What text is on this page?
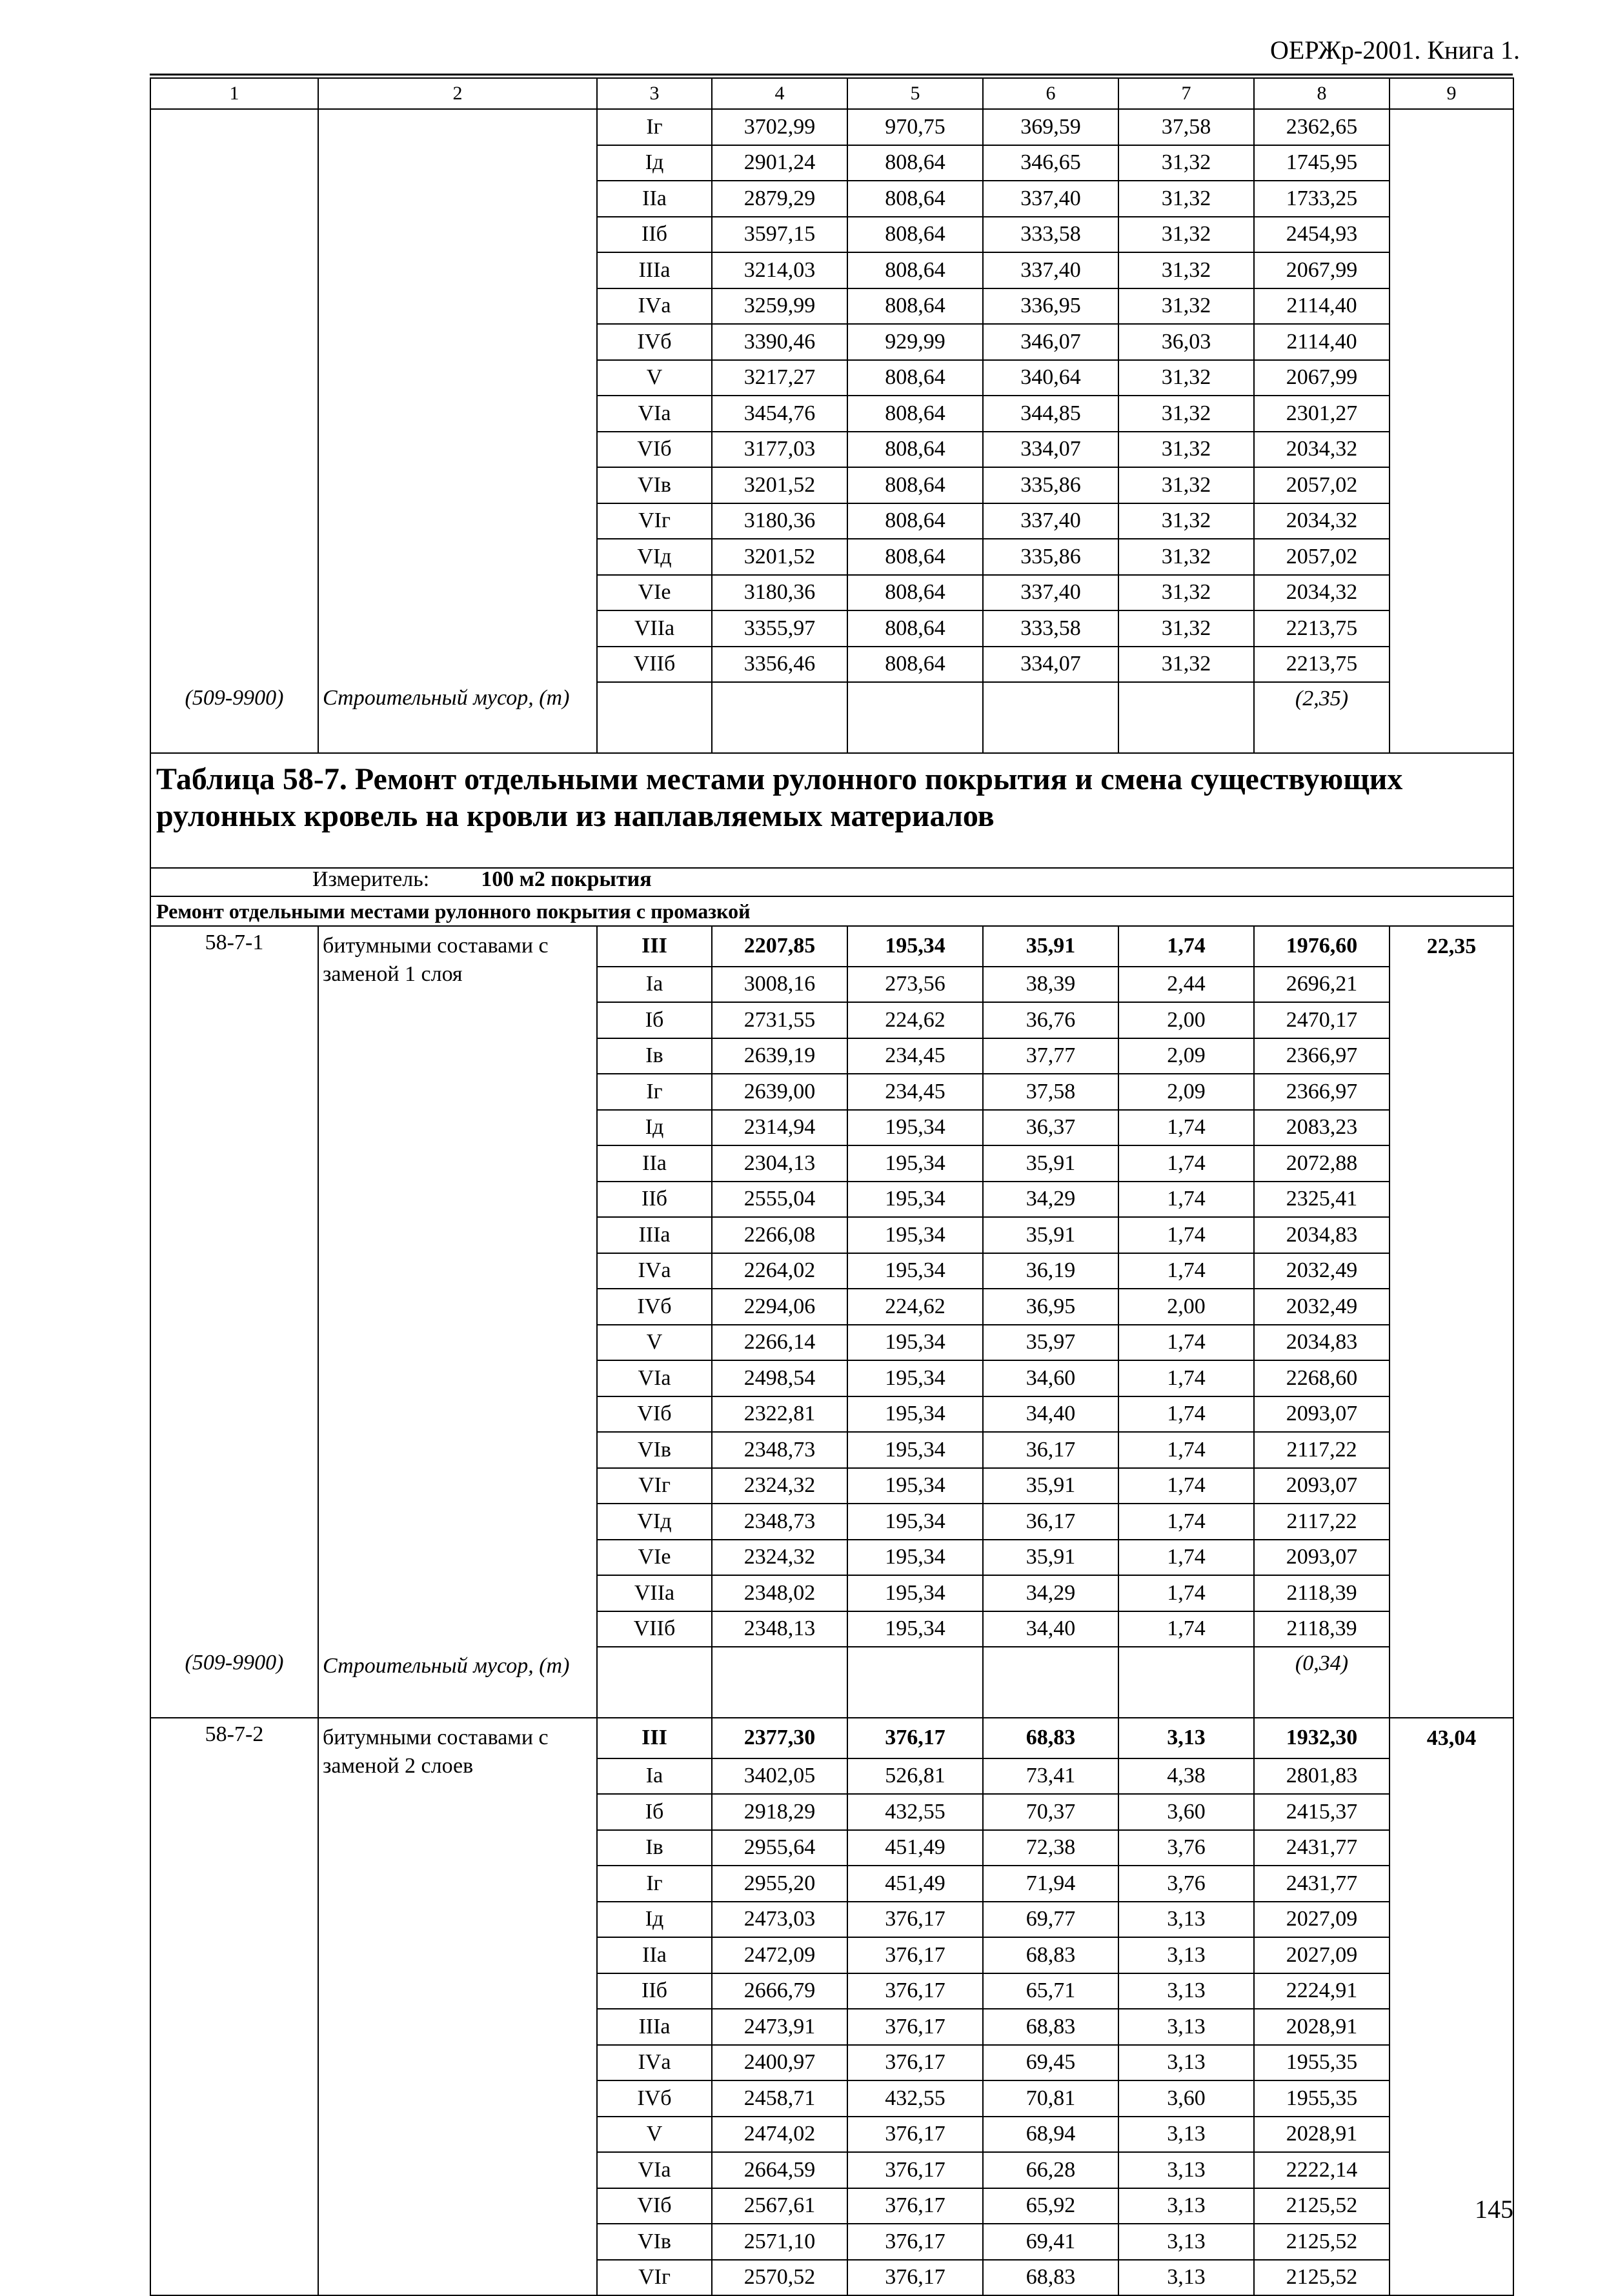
ОЕРЖр-2001. Книга 1.
1	2	3	4	5	6	7	8	9
		Iг	3702,99	970,75	369,59	37,58	2362,65	
		Iд	2901,24	808,64	346,65	31,32	1745,95	
		IIа	2879,29	808,64	337,40	31,32	1733,25	
		IIб	3597,15	808,64	333,58	31,32	2454,93	
		IIIа	3214,03	808,64	337,40	31,32	2067,99	
		IVа	3259,99	808,64	336,95	31,32	2114,40	
		IVб	3390,46	929,99	346,07	36,03	2114,40	
		V	3217,27	808,64	340,64	31,32	2067,99	
		VIа	3454,76	808,64	344,85	31,32	2301,27	
		VIб	3177,03	808,64	334,07	31,32	2034,32	
		VIв	3201,52	808,64	335,86	31,32	2057,02	
		VIг	3180,36	808,64	337,40	31,32	2034,32	
		VIд	3201,52	808,64	335,86	31,32	2057,02	
		VIе	3180,36	808,64	337,40	31,32	2034,32	
		VIIа	3355,97	808,64	333,58	31,32	2213,75	
		VIIб	3356,46	808,64	334,07	31,32	2213,75	
(509-9900)	Строительный мусор, (т)						(2,35)	

Таблица 58-7. Ремонт отдельными местами рулонного покрытия и смена существующих рулонных кровель на кровли из наплавляемых материалов								

Измеритель: 100 м2 покрытия								
Ремонт отдельными местами рулонного покрытия с промазкой								
58-7-1	битумными составами с заменой 1 слоя	III	2207,85	195,34	35,91	1,74	1976,60	22,35
		Iа	3008,16	273,56	38,39	2,44	2696,21	
		Iб	2731,55	224,62	36,76	2,00	2470,17	
		Iв	2639,19	234,45	37,77	2,09	2366,97	
		Iг	2639,00	234,45	37,58	2,09	2366,97	
		Iд	2314,94	195,34	36,37	1,74	2083,23	
		IIа	2304,13	195,34	35,91	1,74	2072,88	
		IIб	2555,04	195,34	34,29	1,74	2325,41	
		IIIа	2266,08	195,34	35,91	1,74	2034,83	
		IVа	2264,02	195,34	36,19	1,74	2032,49	
		IVб	2294,06	224,62	36,95	2,00	2032,49	
		V	2266,14	195,34	35,97	1,74	2034,83	
		VIа	2498,54	195,34	34,60	1,74	2268,60	
		VIб	2322,81	195,34	34,40	1,74	2093,07	
		VIв	2348,73	195,34	36,17	1,74	2117,22	
		VIг	2324,32	195,34	35,91	1,74	2093,07	
		VIд	2348,73	195,34	36,17	1,74	2117,22	
		VIе	2324,32	195,34	35,91	1,74	2093,07	
		VIIа	2348,02	195,34	34,29	1,74	2118,39	
		VIIб	2348,13	195,34	34,40	1,74	2118,39	
(509-9900)	Строительный мусор, (т)						(0,34)	
58-7-2	битумными составами с заменой 2 слоев	III	2377,30	376,17	68,83	3,13	1932,30	43,04
		Iа	3402,05	526,81	73,41	4,38	2801,83	
		Iб	2918,29	432,55	70,37	3,60	2415,37	
		Iв	2955,64	451,49	72,38	3,76	2431,77	
		Iг	2955,20	451,49	71,94	3,76	2431,77	
		Iд	2473,03	376,17	69,77	3,13	2027,09	
		IIа	2472,09	376,17	68,83	3,13	2027,09	
		IIб	2666,79	376,17	65,71	3,13	2224,91	
		IIIа	2473,91	376,17	68,83	3,13	2028,91	
		IVа	2400,97	376,17	69,45	3,13	1955,35	
		IVб	2458,71	432,55	70,81	3,60	1955,35	
		V	2474,02	376,17	68,94	3,13	2028,91	
		VIа	2664,59	376,17	66,28	3,13	2222,14	
		VIб	2567,61	376,17	65,92	3,13	2125,52	
		VIв	2571,10	376,17	69,41	3,13	2125,52	
		VIг	2570,52	376,17	68,83	3,13	2125,52	
145
